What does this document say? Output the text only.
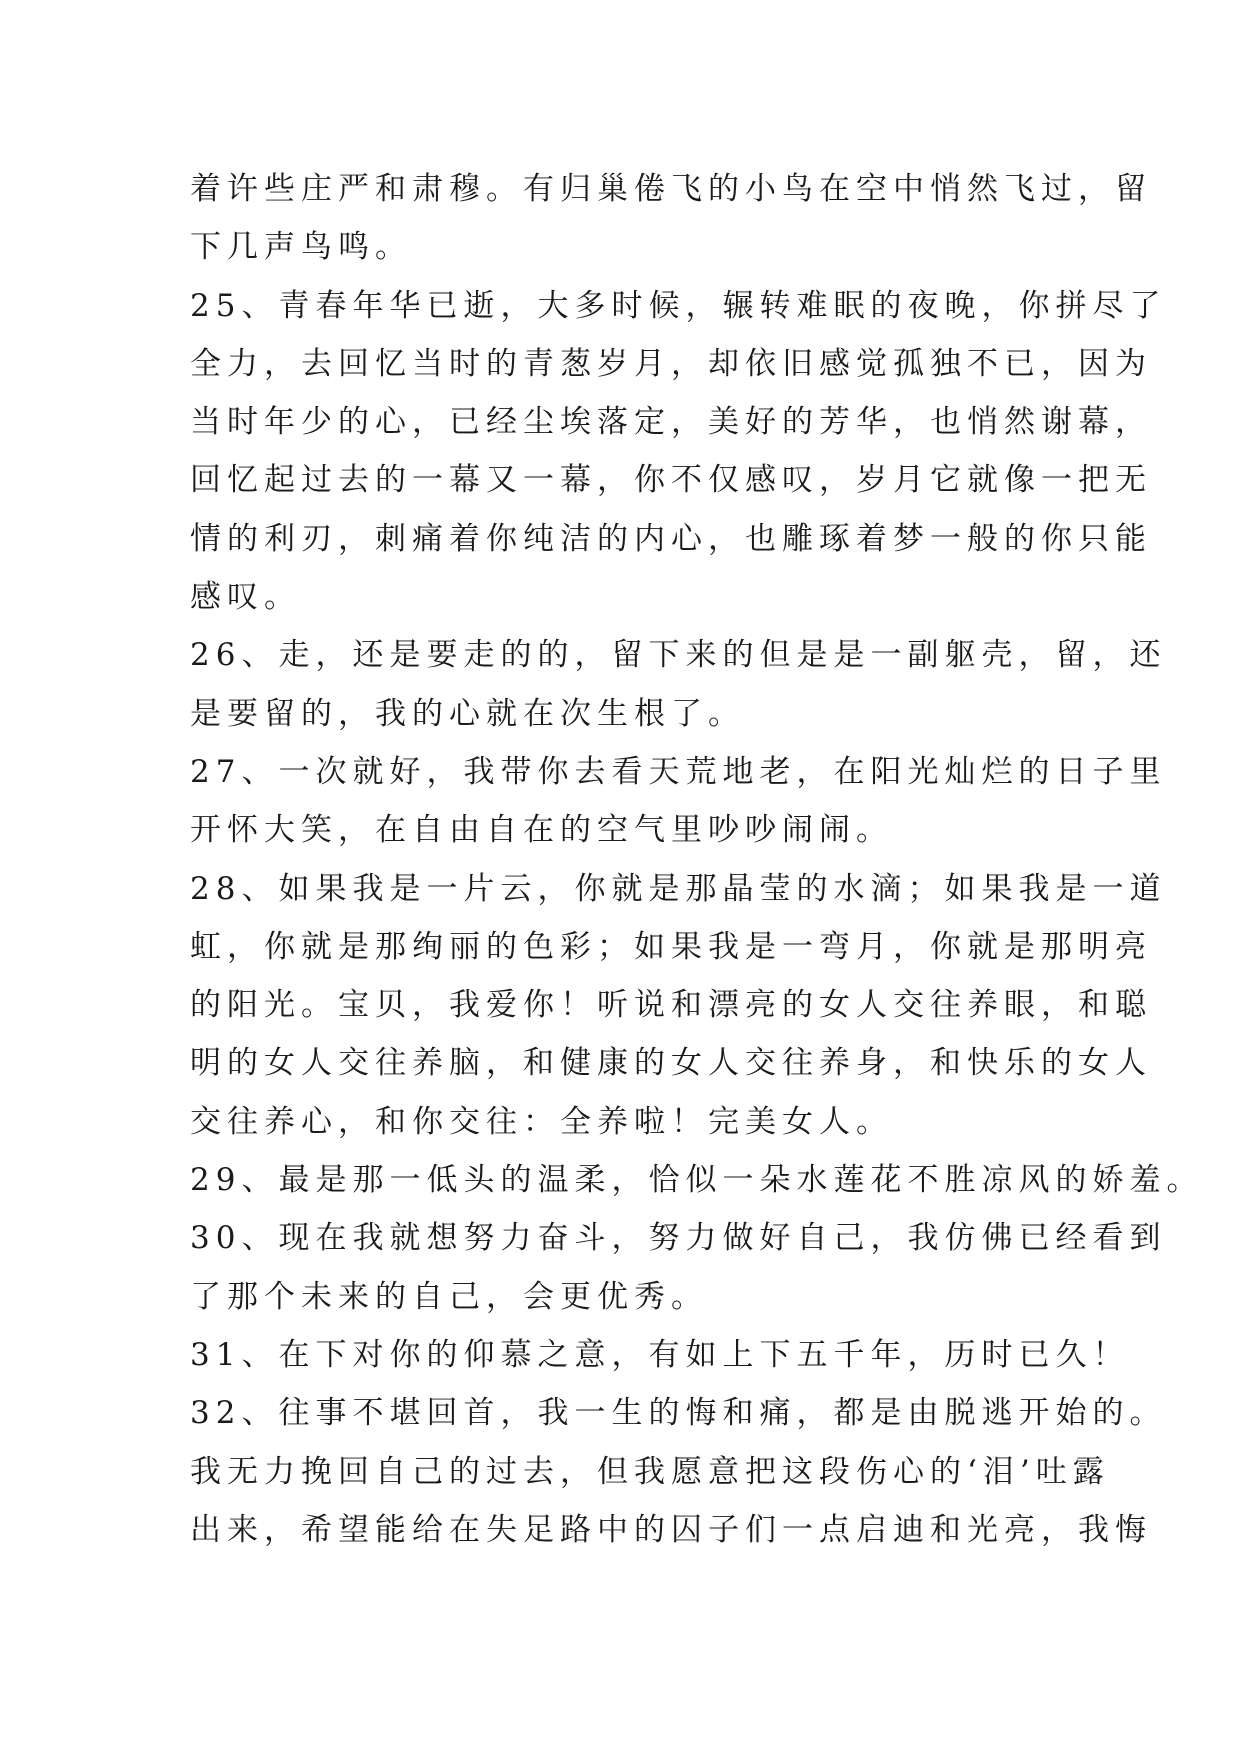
着许些庄严和肃穆。有归巢倦飞的小鸟在空中悄然飞过，留
下几声鸟鸣。
25、青春年华已逝，大多时候，辗转难眠的夜晚，你拼尽了
全力，去回忆当时的青葱岁月，却依旧感觉孤独不已，因为
当时年少的心，已经尘埃落定，美好的芳华，也悄然谢幕，
回忆起过去的一幕又一幕，你不仅感叹，岁月它就像一把无
情的利刃，刺痛着你纯洁的内心，也雕琢着梦一般的你只能
感叹。
26、走，还是要走的的，留下来的但是是一副躯壳，留，还
是要留的，我的心就在次生根了。
27、一次就好，我带你去看天荒地老，在阳光灿烂的日子里
开怀大笑，在自由自在的空气里吵吵闹闹。
28、如果我是一片云，你就是那晶莹的水滴；如果我是一道
虹，你就是那绚丽的色彩；如果我是一弯月，你就是那明亮
的阳光。宝贝，我爱你！听说和漂亮的女人交往养眼，和聪
明的女人交往养脑，和健康的女人交往养身，和快乐的女人
交往养心，和你交往：全养啦！完美女人。
29、最是那一低头的温柔，恰似一朵水莲花不胜凉风的娇羞。
30、现在我就想努力奋斗，努力做好自己，我仿佛已经看到
了那个未来的自己，会更优秀。
31、在下对你的仰慕之意，有如上下五千年，历时已久！
32、往事不堪回首，我一生的悔和痛，都是由脱逃开始的。
我无力挽回自己的过去，但我愿意把这段伤心的‘泪’吐露
出来，希望能给在失足路中的囚子们一点启迪和光亮，我悔
